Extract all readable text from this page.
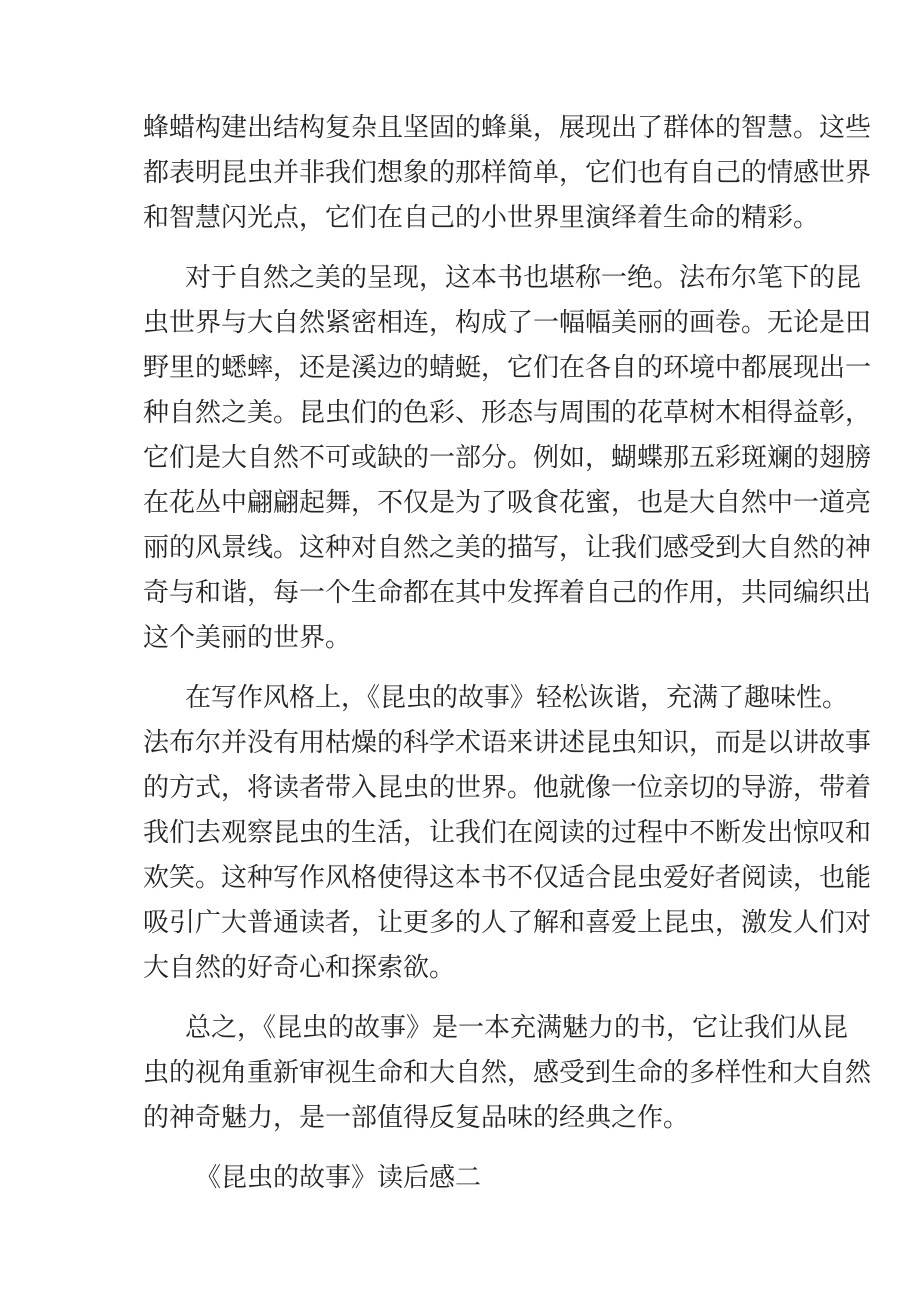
蜂蜡构建出结构复杂且坚固的蜂巢，展现出了群体的智慧。这些
都表明昆虫并非我们想象的那样简单，它们也有自己的情感世界
和智慧闪光点，它们在自己的小世界里演绎着生命的精彩。
对于自然之美的呈现，这本书也堪称一绝。法布尔笔下的昆
虫世界与大自然紧密相连，构成了一幅幅美丽的画卷。无论是田
野里的蟋蟀，还是溪边的蜻蜓，它们在各自的环境中都展现出一
种自然之美。昆虫们的色彩、形态与周围的花草树木相得益彰，
它们是大自然不可或缺的一部分。例如，蝴蝶那五彩斑斓的翅膀
在花丛中翩翩起舞，不仅是为了吸食花蜜，也是大自然中一道亮
丽的风景线。这种对自然之美的描写，让我们感受到大自然的神
奇与和谐，每一个生命都在其中发挥着自己的作用，共同编织出
这个美丽的世界。
在写作风格上，《昆虫的故事》轻松诙谐，充满了趣味性。
法布尔并没有用枯燥的科学术语来讲述昆虫知识，而是以讲故事
的方式，将读者带入昆虫的世界。他就像一位亲切的导游，带着
我们去观察昆虫的生活，让我们在阅读的过程中不断发出惊叹和
欢笑。这种写作风格使得这本书不仅适合昆虫爱好者阅读，也能
吸引广大普通读者，让更多的人了解和喜爱上昆虫，激发人们对
大自然的好奇心和探索欲。
总之，《昆虫的故事》是一本充满魅力的书，它让我们从昆
虫的视角重新审视生命和大自然，感受到生命的多样性和大自然
的神奇魅力，是一部值得反复品味的经典之作。
《昆虫的故事》读后感二
